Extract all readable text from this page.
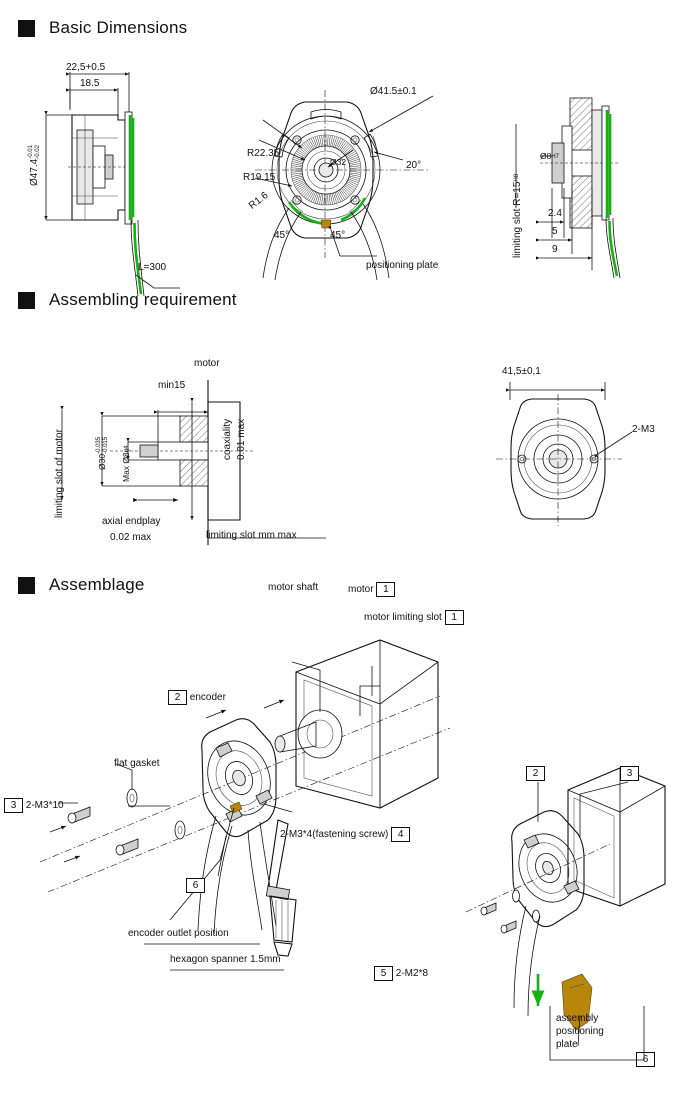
Basic Dimensions
22,5+0.5
18.5
Ø47.4-0.01
-0.02
L=300
R22.35
R19.15
R1.6
Ø41.5±0.1
Ø32	20°
45°	45°
positioning plate
limiting slot R=15H8
Ø8H7
2.4
5
9
Assembling requirement
motor
min15
coaxiality 0.01 max
limiting slot of motor	Ø30-0.035
-0.015
Max Ø8g4
axial endplay
0.02 max	limiting slot mm max
41,5±0,1
2-M3
Assemblage	motor shaft	motor 1
motor limiting slot 1
2 encoder
flat gasket
3 2-M3*10
2-M3*4(fastening screw) 4
6
encoder outlet position
hexagon spanner 1.5mm
5 2-M2*8
2	3
assembly
positioning
plate
6
